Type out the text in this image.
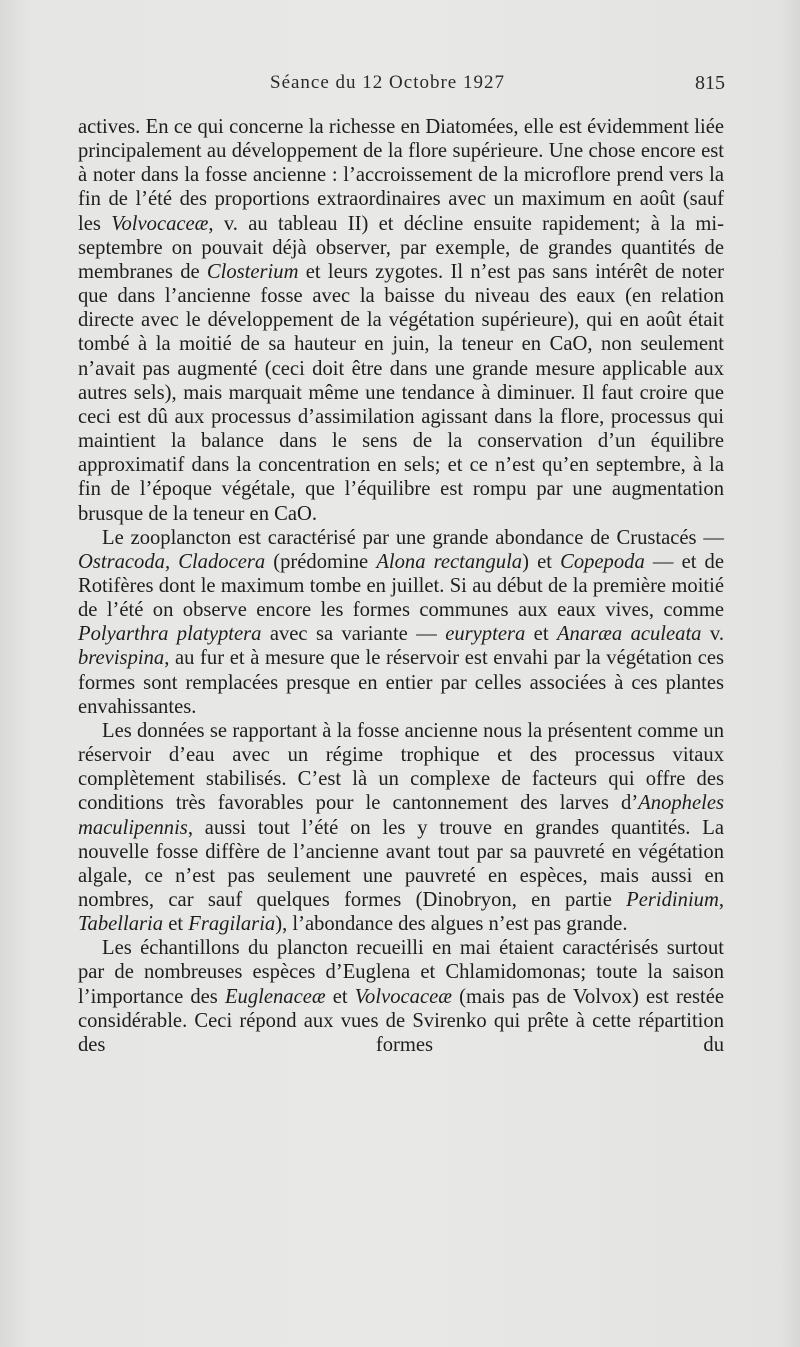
Séance du 12 Octobre 1927	815

actives. En ce qui concerne la richesse en Diatomées, elle est évidemment liée principalement au développement de la flore supérieure. Une chose encore est à noter dans la fosse ancienne : l’accroissement de la microflore prend vers la fin de l’été des proportions extraordinaires avec un maximum en août (sauf les Volvocaceæ, v. au tableau II) et décline ensuite rapidement; à la mi-septembre on pouvait déjà observer, par exemple, de grandes quantités de membranes de Closterium et leurs zygotes. Il n’est pas sans intérêt de noter que dans l’ancienne fosse avec la baisse du niveau des eaux (en relation directe avec le développement de la végétation supérieure), qui en août était tombé à la moitié de sa hauteur en juin, la teneur en CaO, non seulement n’avait pas augmenté (ceci doit être dans une grande mesure applicable aux autres sels), mais marquait même une tendance à diminuer. Il faut croire que ceci est dû aux processus d’assimilation agissant dans la flore, processus qui maintient la balance dans le sens de la conservation d’un équilibre approximatif dans la concentration en sels; et ce n’est qu’en septembre, à la fin de l’époque végétale, que l’équilibre est rompu par une augmentation brusque de la teneur en CaO.

Le zooplancton est caractérisé par une grande abondance de Crustacés — Ostracoda, Cladocera (prédomine Alona rectangula) et Copepoda — et de Rotifères dont le maximum tombe en juillet. Si au début de la première moitié de l’été on observe encore les formes communes aux eaux vives, comme Polyarthra platyptera avec sa variante — euryptera et Anaræa aculeata v. brevispina, au fur et à mesure que le réservoir est envahi par la végétation ces formes sont remplacées presque en entier par celles associées à ces plantes envahissantes.

Les données se rapportant à la fosse ancienne nous la présentent comme un réservoir d’eau avec un régime trophique et des processus vitaux complètement stabilisés. C’est là un complexe de facteurs qui offre des conditions très favorables pour le cantonnement des larves d’Anopheles maculipennis, aussi tout l’été on les y trouve en grandes quantités. La nouvelle fosse diffère de l’ancienne avant tout par sa pauvreté en végétation algale, ce n’est pas seulement une pauvreté en espèces, mais aussi en nombres, car sauf quelques formes (Dinobryon, en partie Peridinium, Tabellaria et Fragilaria), l’abondance des algues n’est pas grande.

Les échantillons du plancton recueilli en mai étaient caractérisés surtout par de nombreuses espèces d’Euglena et Chlamidomonas; toute la saison l’importance des Euglenaceæ et Volvocaceæ (mais pas de Volvox) est restée considérable. Ceci répond aux vues de Svirenko qui prête à cette répartition des formes du
